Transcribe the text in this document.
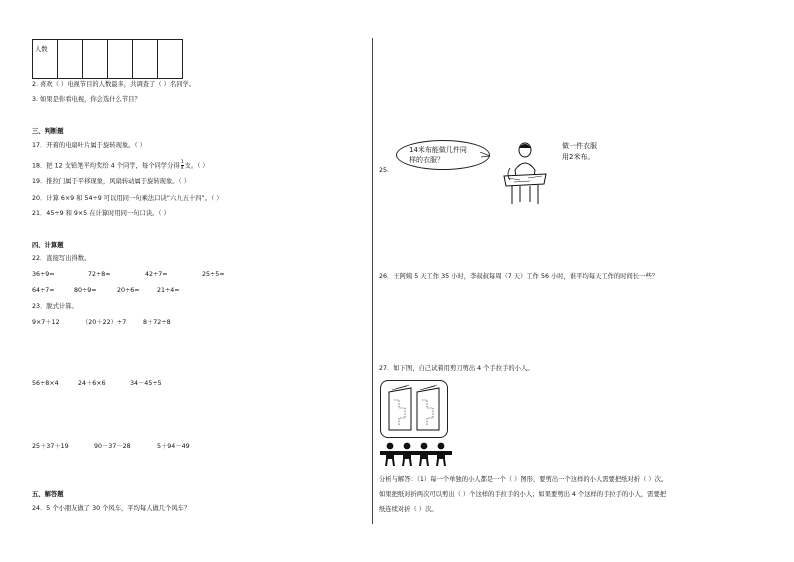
人数					
2. 喜欢（ ）电视节目的人数最多，共调查了（ ）名同学。
3. 如果是你看电视，你会选什么节目？
三、判断题
17．开着的电扇叶片属于旋转现象。（ ）
18．把 12 支铅笔平均奖给 4 个同学，每个同学分得 $\frac{1}{4}$ 支。（ ）
19．推拉门属于平移现象，风扇转动属于旋转现象。（ ）
20．计算 6×9 和 54÷9 可以用同一句乘法口诀“六九五十四”。（ ）
21．45÷9 和 9×5 在计算时用同一句口诀。（ ）
四、计算题
22．直接写出得数。
36÷9=	72÷8=	42÷7=	25÷5=
64÷7=	80÷9=	20÷6=	21÷4=
23．脱式计算。
9×7＋12	（20＋22）÷7	8＋72÷8
56÷8×4	24＋6×6	34－45÷5
25＋37＋19	90－37－28	5＋94－49
五、解答题
24．5 个小朋友做了 30 个风车，平均每人做几个风车？
25.
14米布能做几件同
样的衣服？
做一件衣服
用2米布。
26．王阿姨 5 天工作 35 小时，李叔叔每周（7 天）工作 56 小时，谁平均每天工作的时间长一些？
27．如下图，自己试着用剪刀剪出 4 个手拉手的小人。
分析与解答：（1）每一个单独的小人都是一个（ ）图形，要剪出一个这样的小人需要把纸对折（ ）次。
如果把纸对折两次可以剪出（ ）个这样的手拉手的小人；如果要剪出 4 个这样的手拉手的小人，需要把
纸连续对折（ ）次。
